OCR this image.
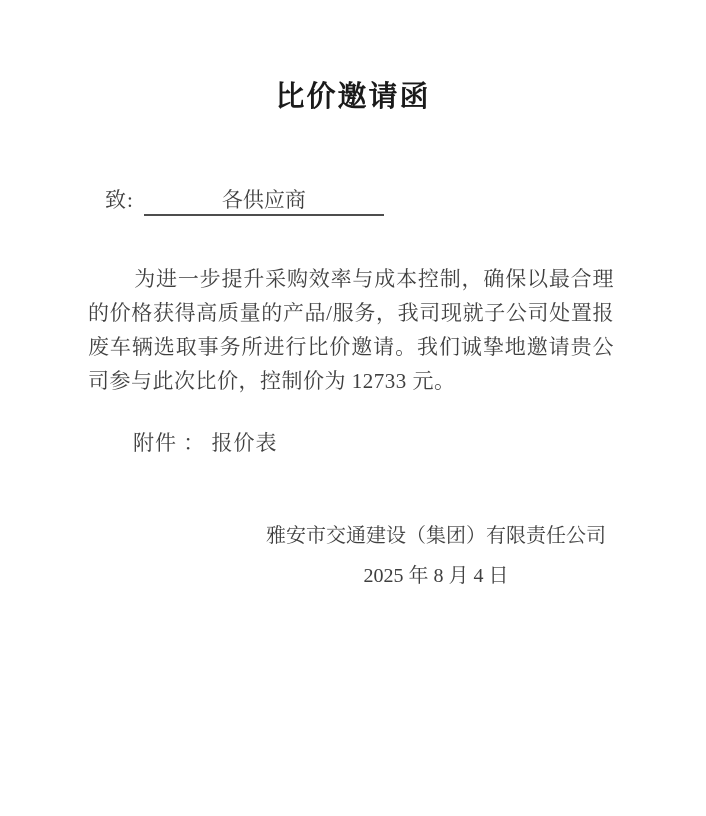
比价邀请函
致:	各供应商

为进一步提升采购效率与成本控制，确保以最合理的价格获得高质量的产品/服务，我司现就子公司处置报废车辆选取事务所进行比价邀请。我们诚挚地邀请贵公司参与此次比价，控制价为 12733 元。

附件 ： 报价表
雅安市交通建设（集团）有限责任公司
2025 年 8 月 4 日
